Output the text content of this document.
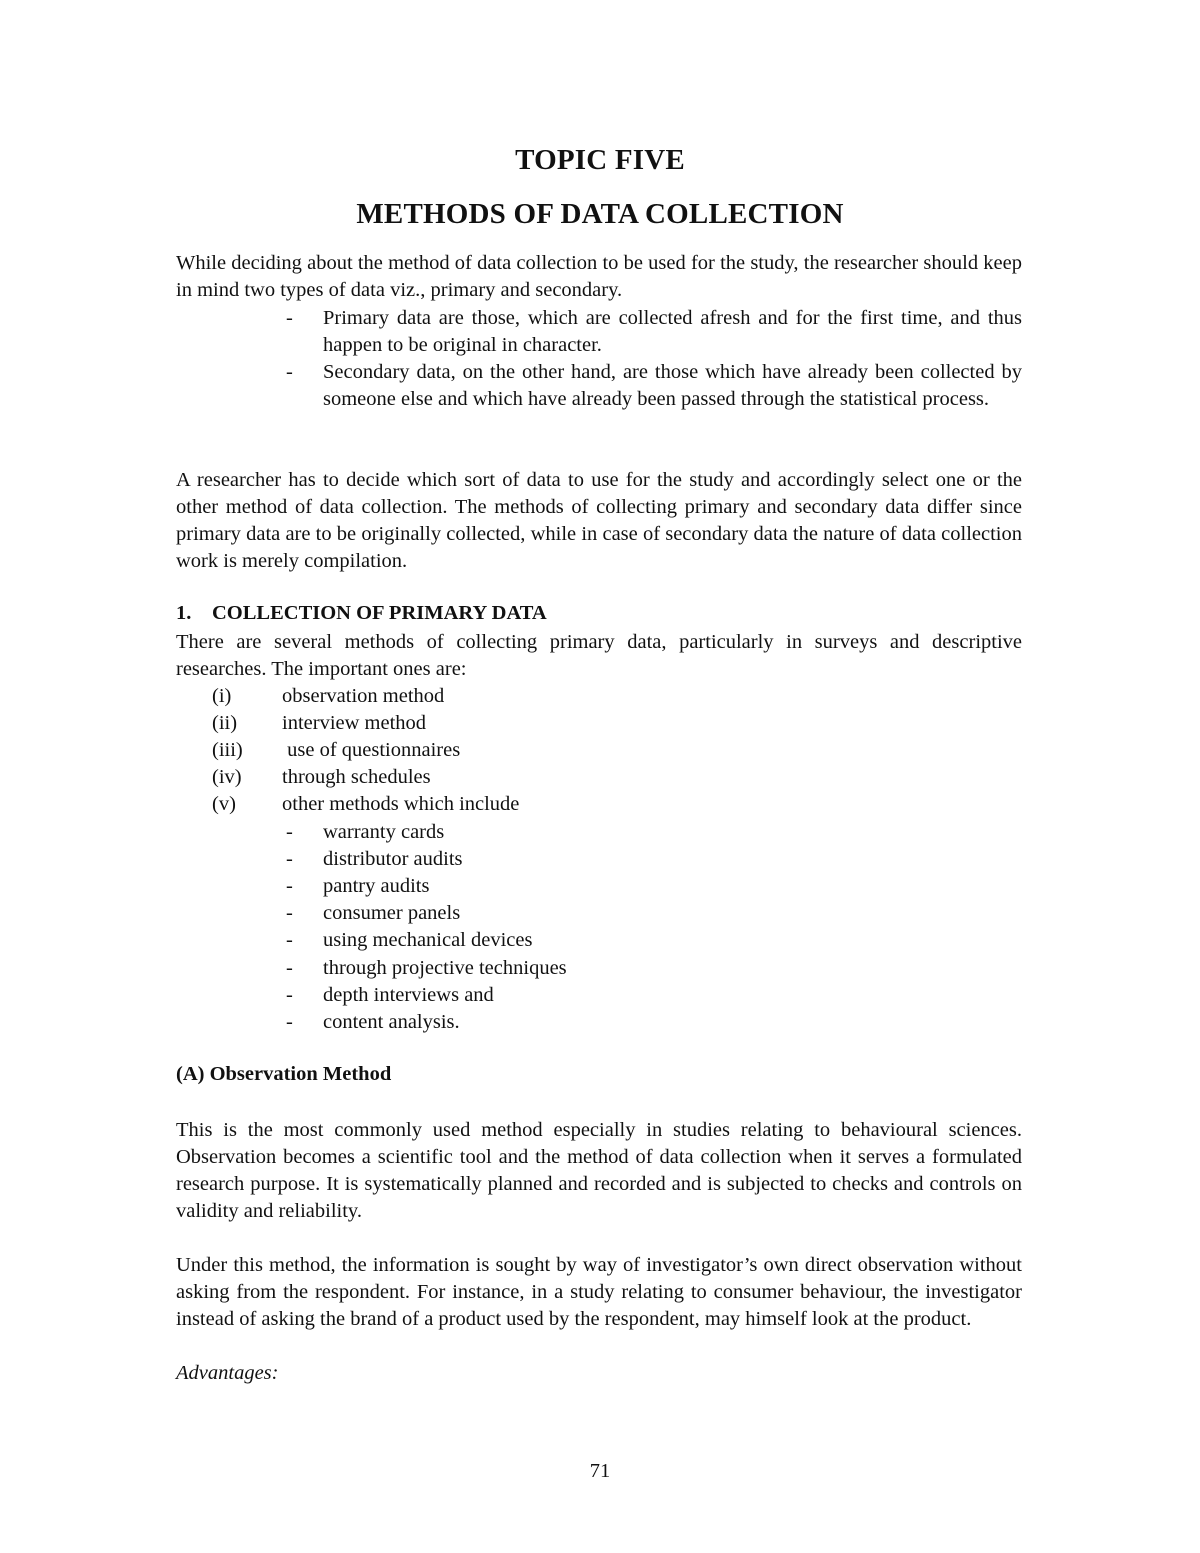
TOPIC FIVE
METHODS OF DATA COLLECTION
While deciding about the method of data collection to be used for the study, the researcher should keep in mind two types of data viz., primary and secondary.
- Primary data are those, which are collected afresh and for the first time, and thus happen to be original in character.
- Secondary data, on the other hand, are those which have already been collected by someone else and which have already been passed through the statistical process.
A researcher has to decide which sort of data to use for the study and accordingly select one or the other method of data collection. The methods of collecting primary and secondary data differ since primary data are to be originally collected, while in case of secondary data the nature of data collection work is merely compilation.
1. COLLECTION OF PRIMARY DATA
There are several methods of collecting primary data, particularly in surveys and descriptive researches. The important ones are:
(i) observation method
(ii) interview method
(iii) use of questionnaires
(iv) through schedules
(v) other methods which include
- warranty cards
- distributor audits
- pantry audits
- consumer panels
- using mechanical devices
- through projective techniques
- depth interviews and
- content analysis.
(A) Observation Method
This is the most commonly used method especially in studies relating to behavioural sciences. Observation becomes a scientific tool and the method of data collection when it serves a formulated research purpose. It is systematically planned and recorded and is subjected to checks and controls on validity and reliability.
Under this method, the information is sought by way of investigator’s own direct observation without asking from the respondent. For instance, in a study relating to consumer behaviour, the investigator instead of asking the brand of a product used by the respondent, may himself look at the product.
Advantages:
71
